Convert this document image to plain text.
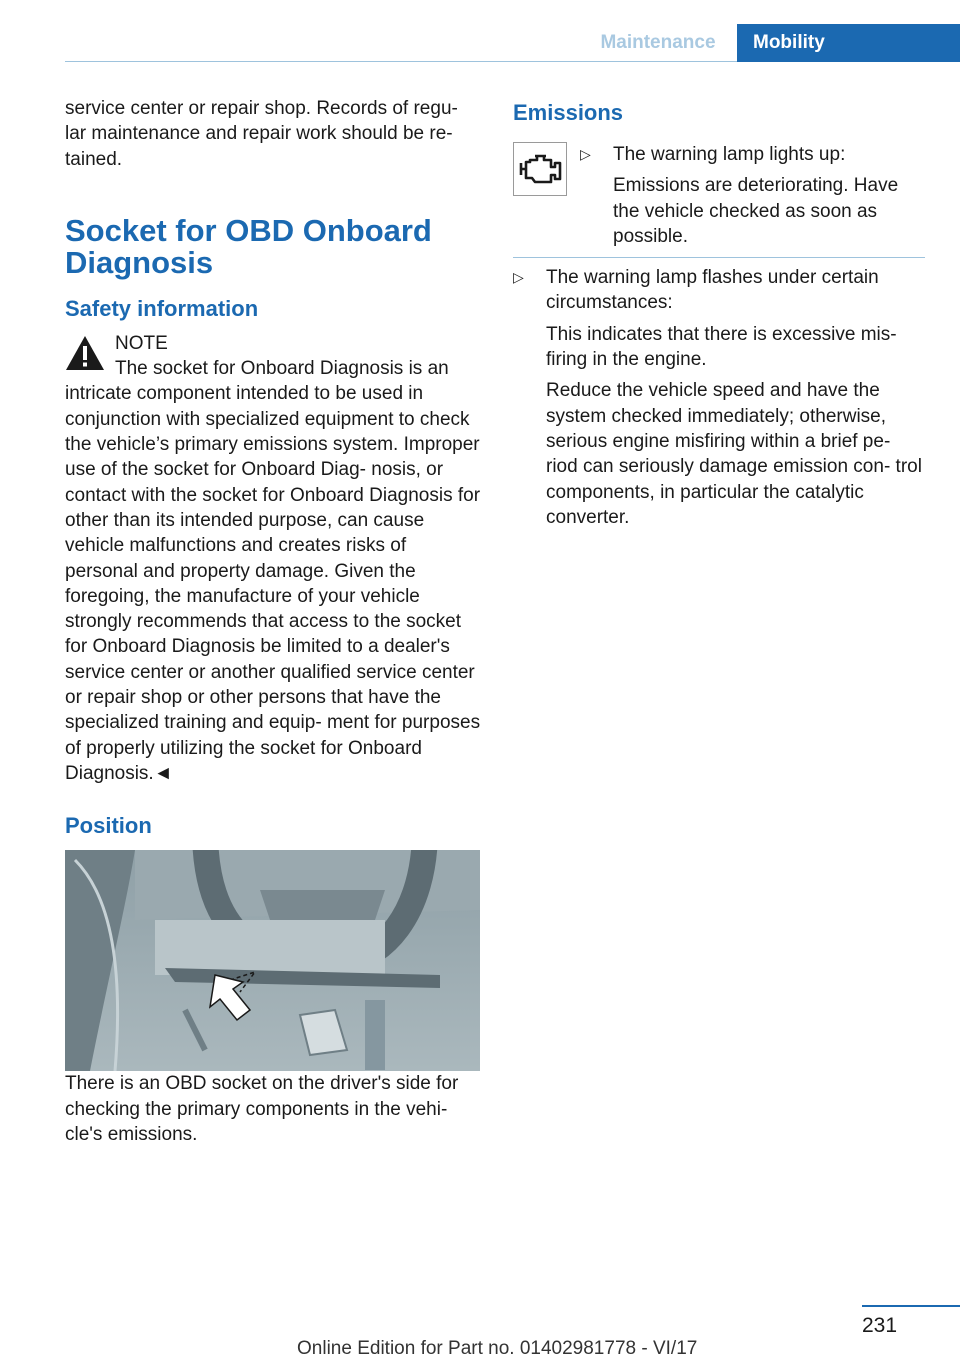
Maintenance	Mobility

service center or repair shop. Records of regu‐ lar maintenance and repair work should be re‐ tained.

Socket for OBD Onboard Diagnosis
Safety information
NOTE
The socket for Onboard Diagnosis is an
intricate component intended to be used in conjunction with specialized equipment to check the vehicle’s primary emissions system. Improper use of the socket for Onboard Diag‐ nosis, or contact with the socket for Onboard Diagnosis for other than its intended purpose, can cause vehicle malfunctions and creates risks of personal and property damage. Given the foregoing, the manufacture of your vehicle strongly recommends that access to the socket for Onboard Diagnosis be limited to a dealer's service center or another qualified service center or repair shop or other persons that have the specialized training and equip‐ ment for purposes of properly utilizing the socket for Onboard Diagnosis.◄
Position

There is an OBD socket on the driver's side for checking the primary components in the vehi‐ cle's emissions.

Emissions
▷ The warning lamp lights up:
Emissions are deteriorating. Have the vehicle checked as soon as possible.
▷ The warning lamp flashes under certain circumstances:
This indicates that there is excessive mis‐ firing in the engine.
Reduce the vehicle speed and have the system checked immediately; otherwise, serious engine misfiring within a brief pe‐ riod can seriously damage emission con‐ trol components, in particular the catalytic converter.
231
Online Edition for Part no. 01402981778 - VI/17
